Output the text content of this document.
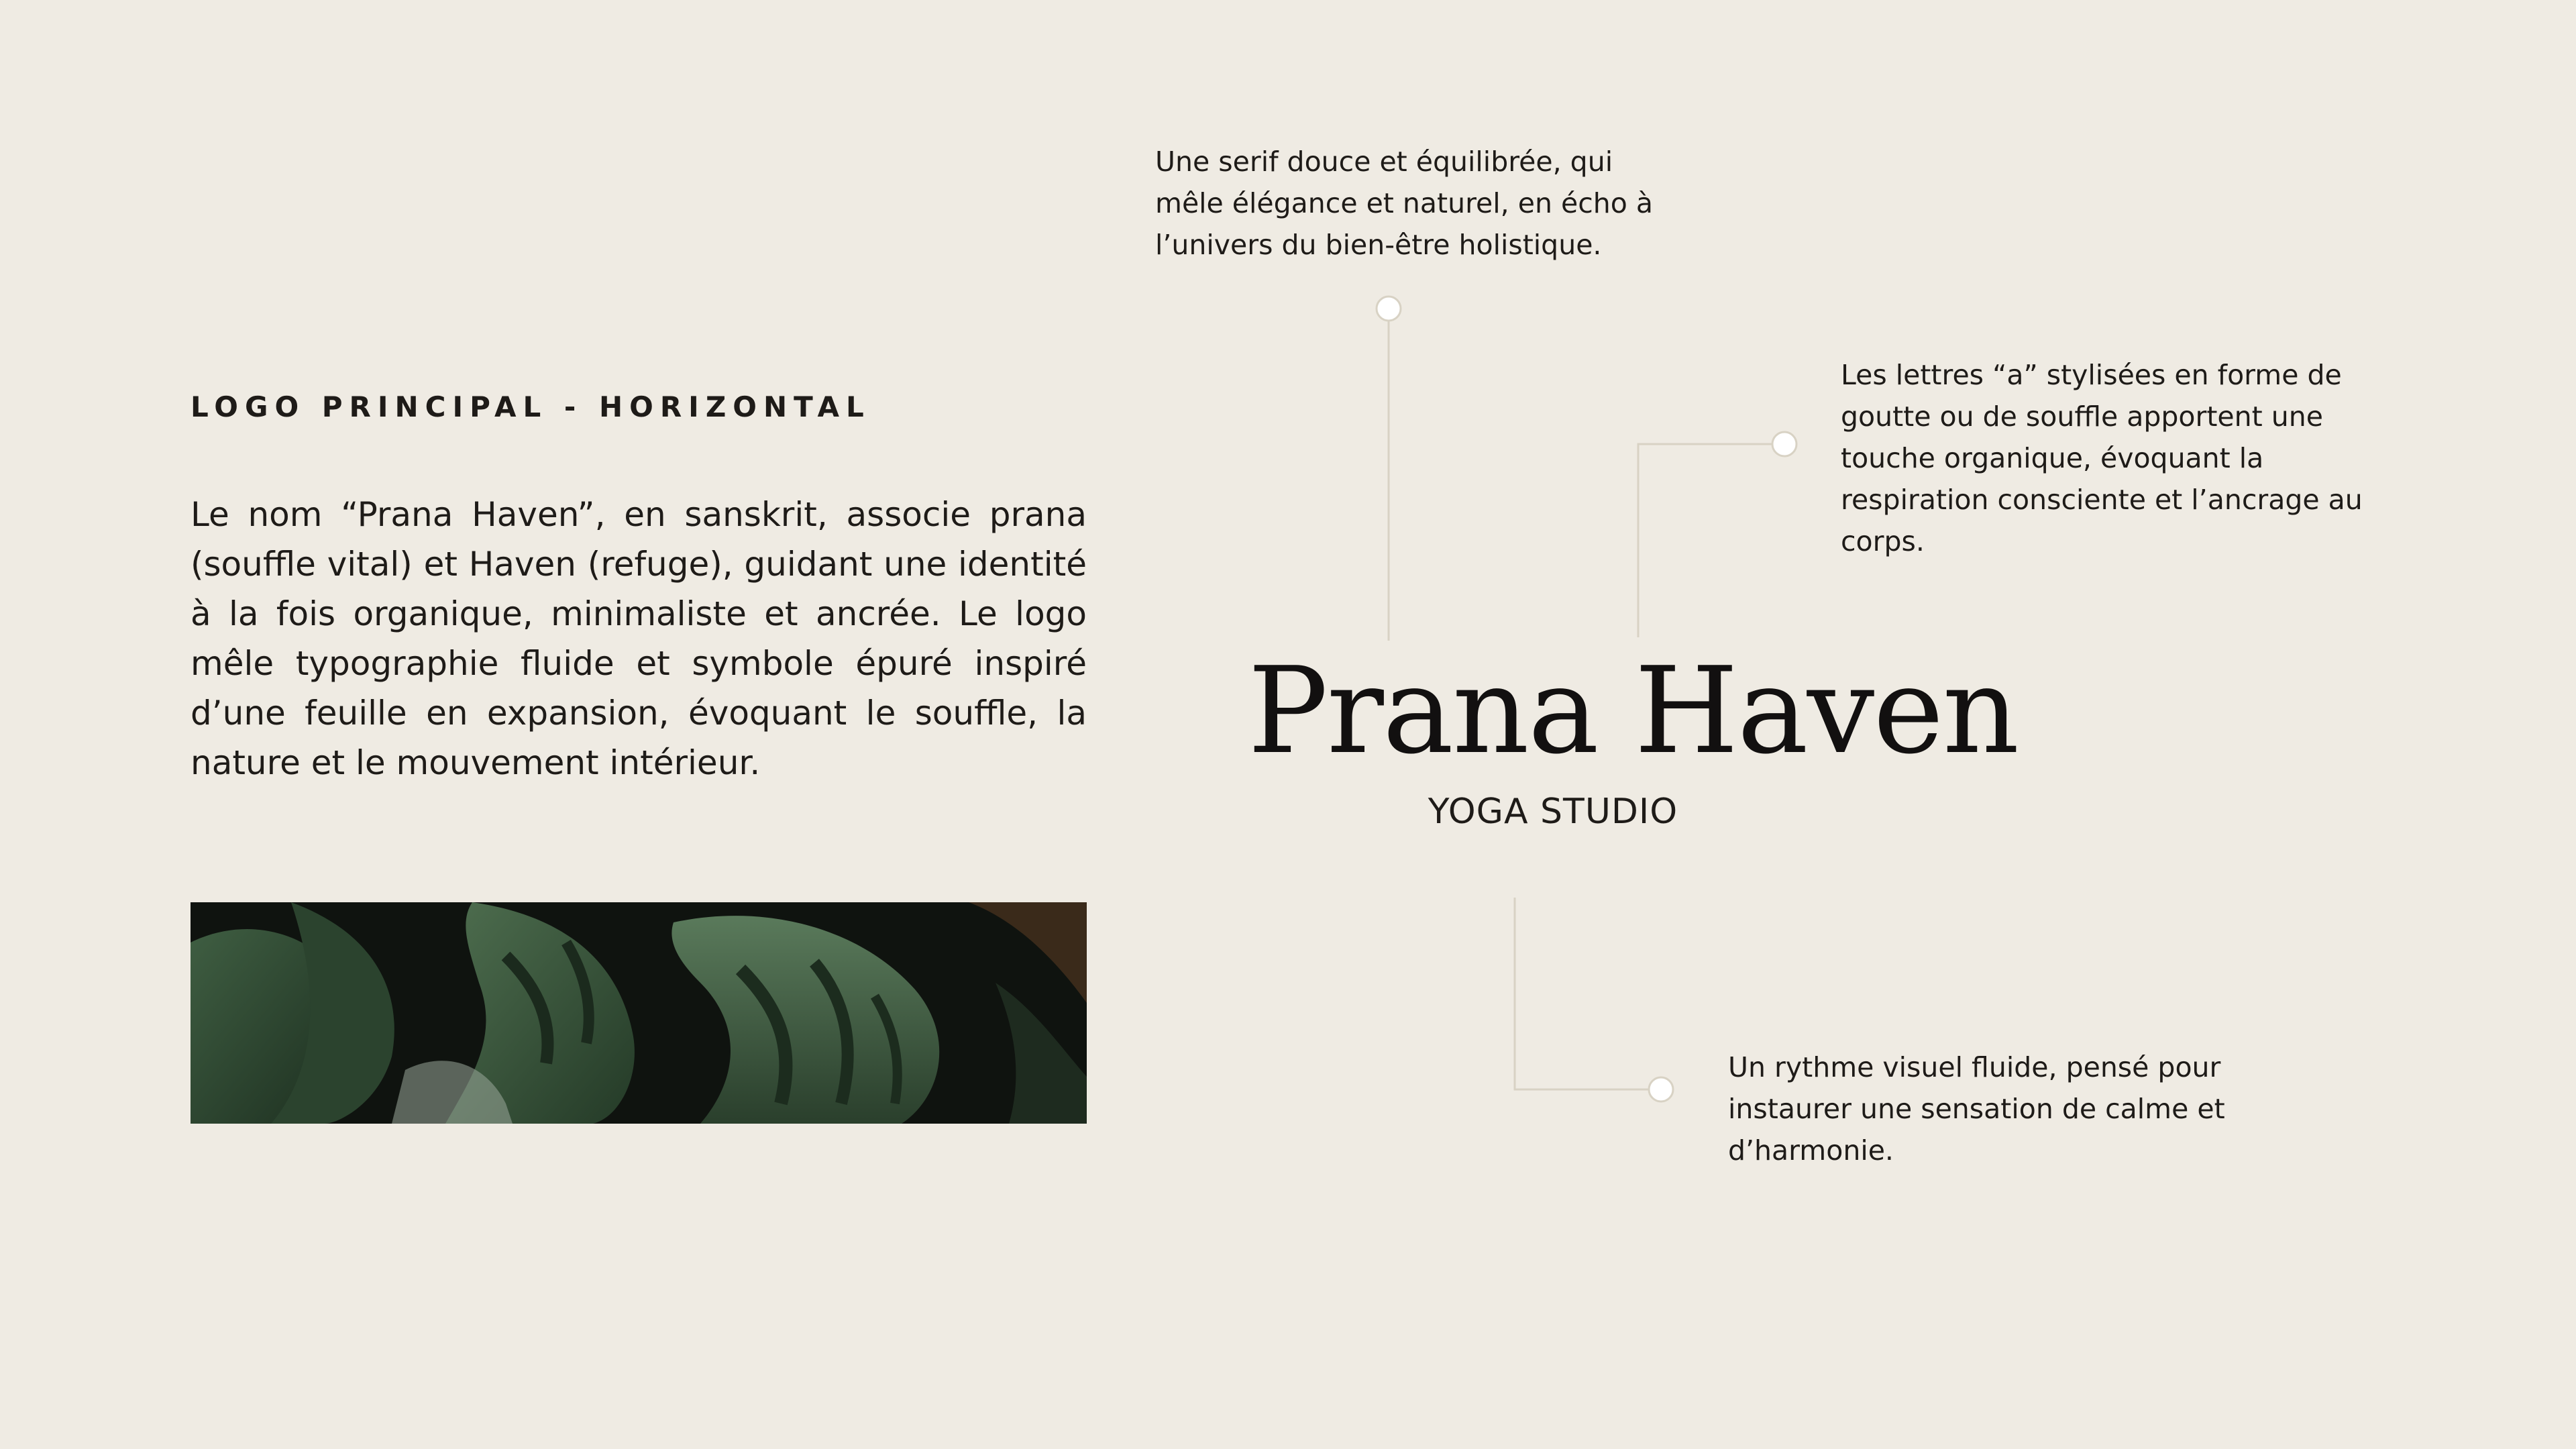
LOGO PRINCIPAL - HORIZONTAL

Le nom “Prana Haven”, en sanskrit, associe prana (souffle vital) et Haven (refuge), guidant une identité à la fois organique, minimaliste et ancrée. Le logo mêle typographie fluide et symbole épuré inspiré d’une feuille en expansion, évoquant le souffle, la nature et le mouvement intérieur.

Une serif douce et équilibrée, qui mêle élégance et naturel, en écho à l’univers du bien-être holistique.

Les lettres “a” stylisées en forme de goutte ou de souffle apportent une touche organique, évoquant la respiration consciente et l’ancrage au corps.

Un rythme visuel fluide, pensé pour instaurer une sensation de calme et d’harmonie.

Prana Haven
YOGA STUDIO
